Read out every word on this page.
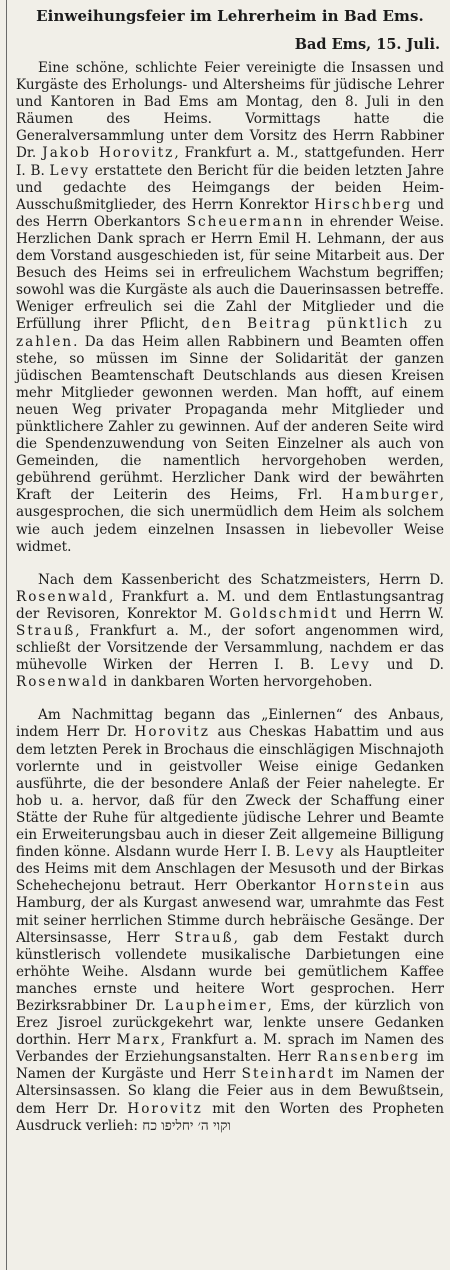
Einweihungsfeier im Lehrerheim in Bad Ems.
Bad Ems, 15. Juli.

Eine schöne, schlichte Feier vereinigte die Insassen und Kurgäste des Erholungs- und Altersheims für jüdische Lehrer und Kantoren in Bad Ems am Montag, den 8. Juli in den Räumen des Heims. Vormittags hatte die Generalversammlung unter dem Vorsitz des Herrn Rabbiner Dr. Jakob Horovitz, Frankfurt a. M., stattgefunden. Herr I. B. Levy erstattete den Bericht für die beiden letzten Jahre und gedachte des Heimgangs der beiden Heim-Ausschußmitglieder, des Herrn Konrektor Hirschberg und des Herrn Oberkantors Scheuermann in ehrender Weise. Herzlichen Dank sprach er Herrn Emil H. Lehmann, der aus dem Vorstand ausgeschieden ist, für seine Mitarbeit aus. Der Besuch des Heims sei in erfreulichem Wachstum begriffen; sowohl was die Kurgäste als auch die Dauerinsassen betreffe. Weniger erfreulich sei die Zahl der Mitglieder und die Erfüllung ihrer Pflicht, den Beitrag pünktlich zu zahlen. Da das Heim allen Rabbinern und Beamten offen stehe, so müssen im Sinne der Solidarität der ganzen jüdischen Beamtenschaft Deutschlands aus diesen Kreisen mehr Mitglieder gewonnen werden. Man hofft, auf einem neuen Weg privater Propaganda mehr Mitglieder und pünktlichere Zahler zu gewinnen. Auf der anderen Seite wird die Spendenzuwendung von Seiten Einzelner als auch von Gemeinden, die namentlich hervorgehoben werden, gebührend gerühmt. Herzlicher Dank wird der bewährten Kraft der Leiterin des Heims, Frl. Hamburger, ausgesprochen, die sich unermüdlich dem Heim als solchem wie auch jedem einzelnen Insassen in liebevoller Weise widmet.

Nach dem Kassenbericht des Schatzmeisters, Herrn D. Rosenwald, Frankfurt a. M. und dem Entlastungsantrag der Revisoren, Konrektor M. Goldschmidt und Herrn W. Strauß, Frankfurt a. M., der sofort angenommen wird, schließt der Vorsitzende der Versammlung, nachdem er das mühevolle Wirken der Herren I. B. Levy und D. Rosenwald in dankbaren Worten hervorgehoben.

Am Nachmittag begann das „Einlernen“ des Anbaus, indem Herr Dr. Horovitz aus Cheskas Habattim und aus dem letzten Perek in Brochaus die einschlägigen Mischnajoth vorlernte und in geistvoller Weise einige Gedanken ausführte, die der besondere Anlaß der Feier nahelegte. Er hob u. a. hervor, daß für den Zweck der Schaffung einer Stätte der Ruhe für altgediente jüdische Lehrer und Beamte ein Erweiterungsbau auch in dieser Zeit allgemeine Billigung finden könne. Alsdann wurde Herr I. B. Levy als Hauptleiter des Heims mit dem Anschlagen der Mesusoth und der Birkas Schehechejonu betraut. Herr Oberkantor Hornstein aus Hamburg, der als Kurgast anwesend war, umrahmte das Fest mit seiner herrlichen Stimme durch hebräische Gesänge. Der Altersinsasse, Herr Strauß, gab dem Festakt durch künstlerisch vollendete musikalische Darbietungen eine erhöhte Weihe. Alsdann wurde bei gemütlichem Kaffee manches ernste und heitere Wort gesprochen. Herr Bezirksrabbiner Dr. Laupheimer, Ems, der kürzlich von Erez Jisroel zurückgekehrt war, lenkte unsere Gedanken dorthin. Herr Marx, Frankfurt a. M. sprach im Namen des Verbandes der Erziehungsanstalten. Herr Ransenberg im Namen der Kurgäste und Herr Steinhardt im Namen der Altersinsassen. So klang die Feier aus in dem Bewußtsein, dem Herr Dr. Horovitz mit den Worten des Propheten Ausdruck verlieh: וקוי ה׳ יחליפו כח
